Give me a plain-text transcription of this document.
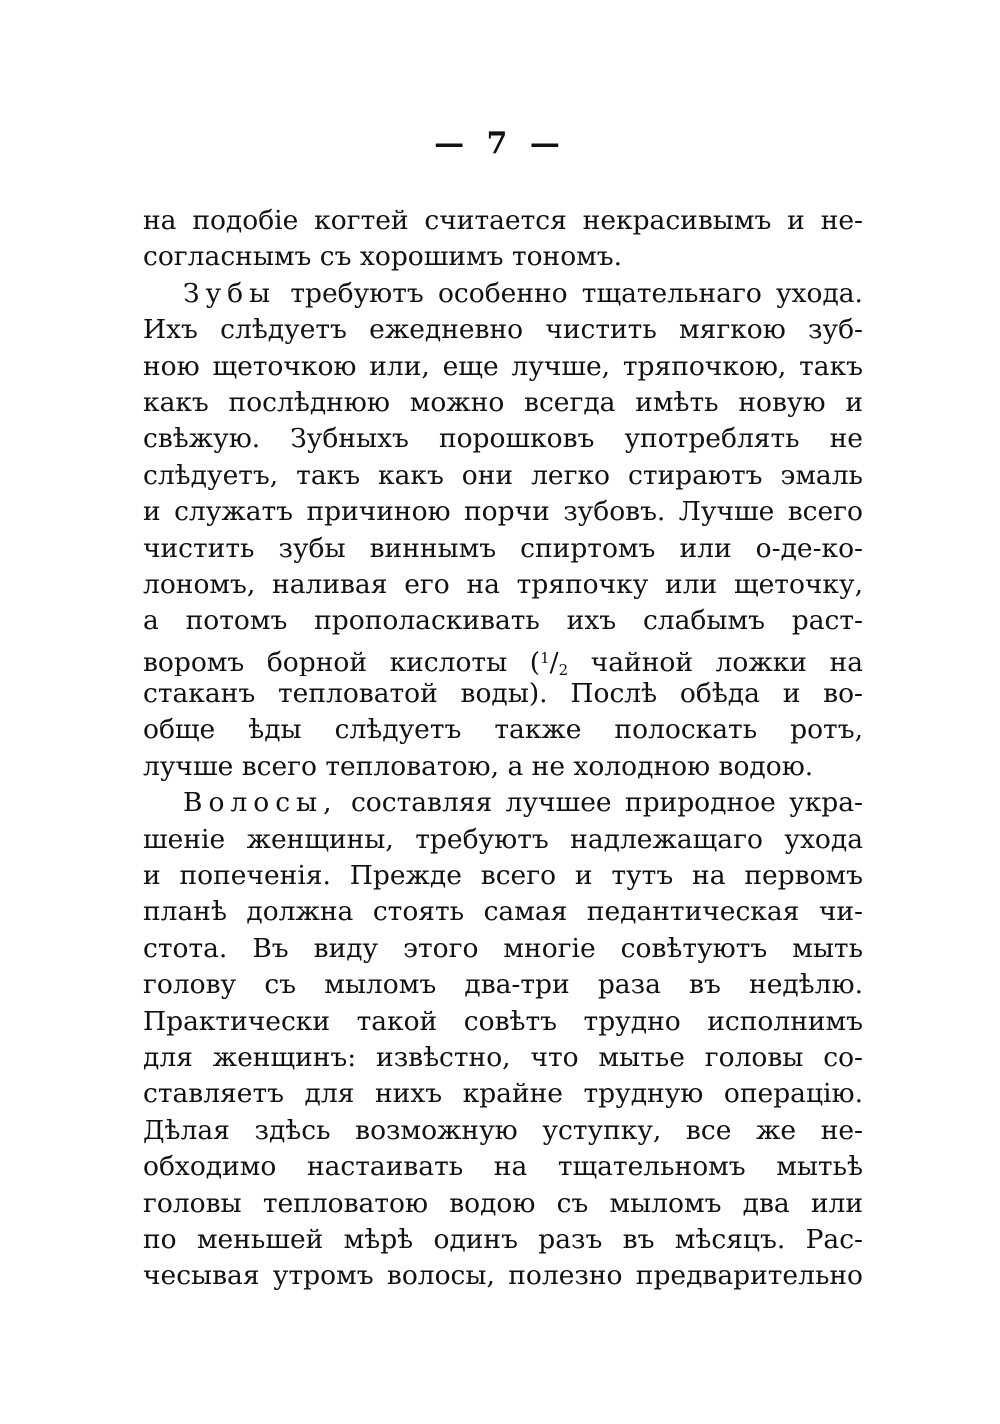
— 7 —
на подобіе когтей считается некрасивымъ и не-
согласнымъ съ хорошимъ тономъ.
Зубы требуютъ особенно тщательнаго ухода.
Ихъ слѣдуетъ ежедневно чистить мягкою зуб-
ною щеточкою или, еще лучше, тряпочкою, такъ
какъ послѣднюю можно всегда имѣть новую и
свѣжую. Зубныхъ порошковъ употреблять не
слѣдуетъ, такъ какъ они легко стираютъ эмаль
и служатъ причиною порчи зубовъ. Лучше всего
чистить зубы виннымъ спиртомъ или о-де-ко-
лономъ, наливая его на тряпочку или щеточку,
а потомъ прополаскивать ихъ слабымъ раст-
воромъ борной кислоты ($^1/_2$ чайной ложки на
стаканъ тепловатой воды). Послѣ обѣда и во-
обще ѣды слѣдуетъ также полоскать ротъ,
лучше всего тепловатою, а не холодною водою.
Волосы, составляя лучшее природное укра-
шеніе женщины, требуютъ надлежащаго ухода
и попеченія. Прежде всего и тутъ на первомъ
планѣ должна стоять самая педантическая чи-
стота. Въ виду этого многіе совѣтуютъ мыть
голову съ мыломъ два-три раза въ недѣлю.
Практически такой совѣтъ трудно исполнимъ
для женщинъ: извѣстно, что мытье головы со-
ставляетъ для нихъ крайне трудную операцію.
Дѣлая здѣсь возможную уступку, все же не-
обходимо настаивать на тщательномъ мытьѣ
головы тепловатою водою съ мыломъ два или
по меньшей мѣрѣ одинъ разъ въ мѣсяцъ. Рас-
чесывая утромъ волосы, полезно предварительно
